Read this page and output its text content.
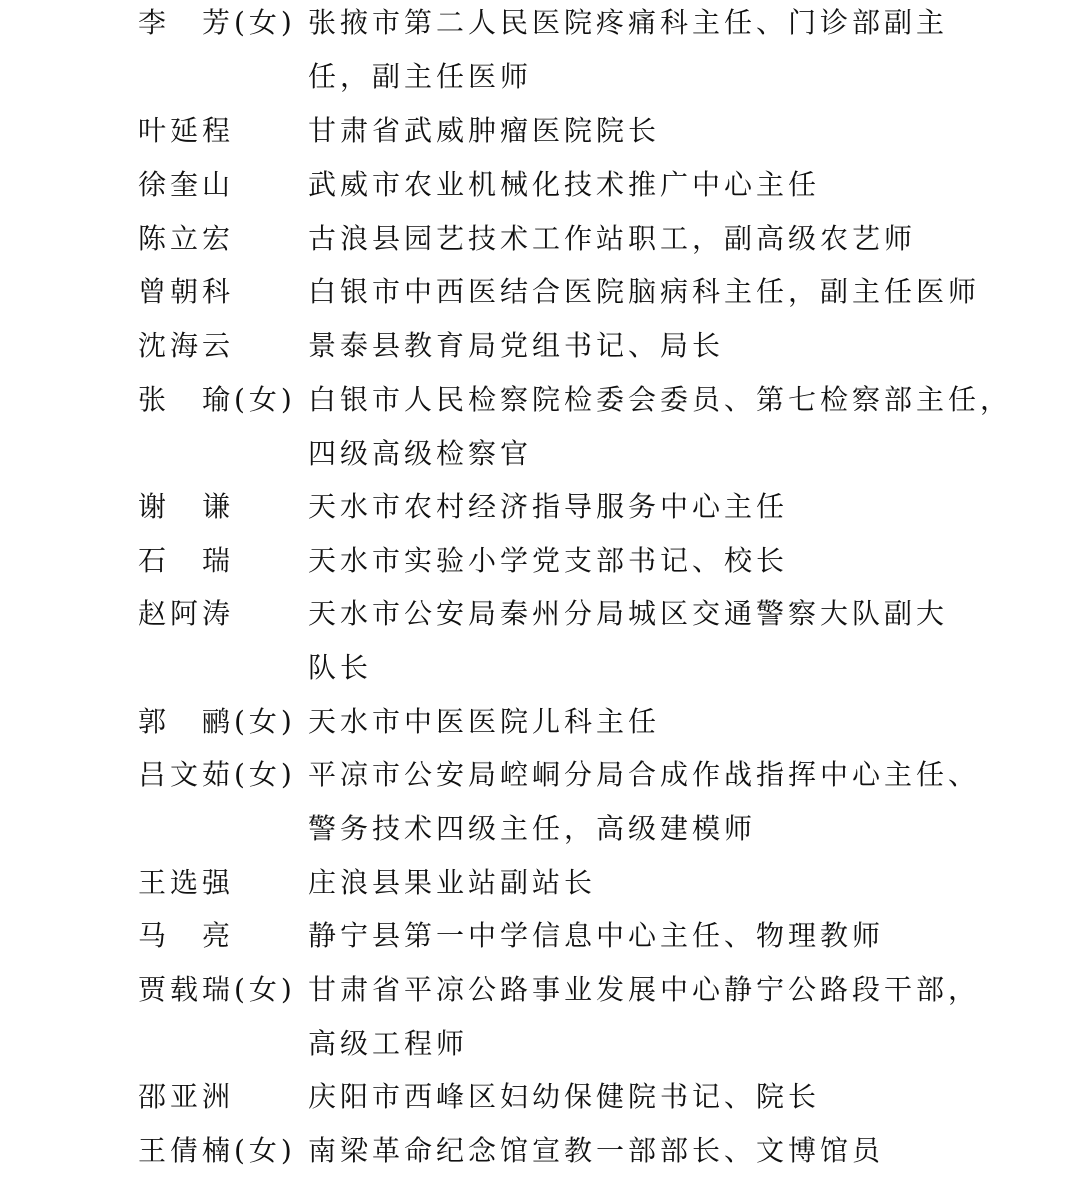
李　芳(女) 张掖市第二人民医院疼痛科主任、门诊部副主
任，副主任医师
叶延程	甘肃省武威肿瘤医院院长
徐奎山	武威市农业机械化技术推广中心主任
陈立宏	古浪县园艺技术工作站职工，副高级农艺师
曾朝科	白银市中西医结合医院脑病科主任，副主任医师
沈海云	景泰县教育局党组书记、局长
张　瑜(女) 白银市人民检察院检委会委员、第七检察部主任，
四级高级检察官
谢　谦	天水市农村经济指导服务中心主任
石　瑞	天水市实验小学党支部书记、校长
赵阿涛	天水市公安局秦州分局城区交通警察大队副大
队长
郭　鹂(女) 天水市中医医院儿科主任
吕文茹(女) 平凉市公安局崆峒分局合成作战指挥中心主任、
警务技术四级主任，高级建模师
王选强	庄浪县果业站副站长
马　亮	静宁县第一中学信息中心主任、物理教师
贾载瑞(女) 甘肃省平凉公路事业发展中心静宁公路段干部，
高级工程师
邵亚洲	庆阳市西峰区妇幼保健院书记、院长
王倩楠(女) 南梁革命纪念馆宣教一部部长、文博馆员
